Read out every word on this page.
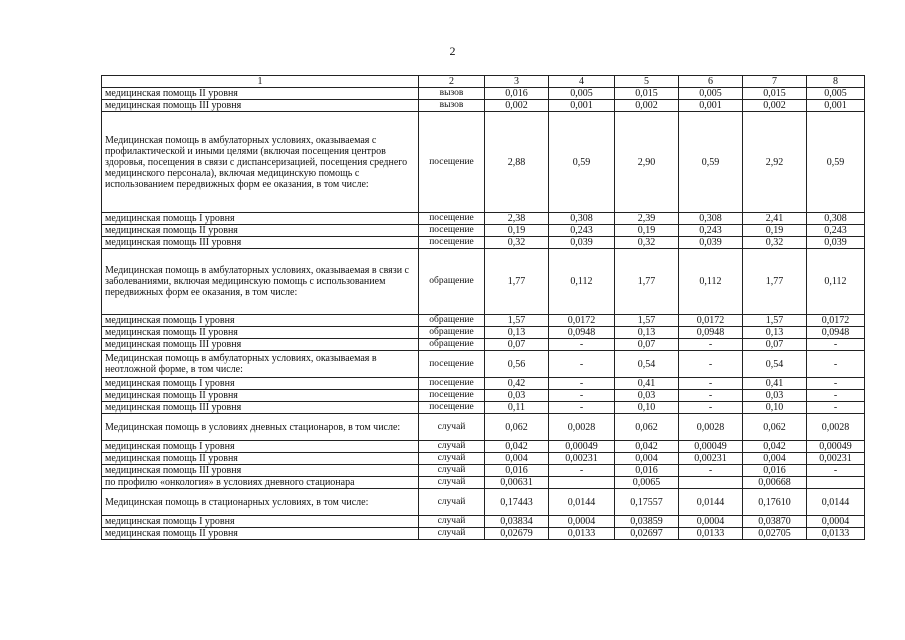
2
1	2	3	4	5	6	7	8
медицинская помощь II уровня	вызов	0,016	0,005	0,015	0,005	0,015	0,005
медицинская помощь III уровня	вызов	0,002	0,001	0,002	0,001	0,002	0,001
Медицинская помощь в амбулаторных условиях, оказываемая с профилактической и иными целями (включая посещения центров здоровья, посещения в связи с диспансеризацией, посещения среднего медицинского персонала), включая медицинскую помощь с использованием передвижных форм ее оказания, в том числе:	посещение	2,88	0,59	2,90	0,59	2,92	0,59
медицинская помощь I уровня	посещение	2,38	0,308	2,39	0,308	2,41	0,308
медицинская помощь II уровня	посещение	0,19	0,243	0,19	0,243	0,19	0,243
медицинская помощь III уровня	посещение	0,32	0,039	0,32	0,039	0,32	0,039
Медицинская помощь в амбулаторных условиях, оказываемая в связи с заболеваниями, включая медицинскую помощь с использованием передвижных форм ее оказания, в том числе:	обращение	1,77	0,112	1,77	0,112	1,77	0,112
медицинская помощь I уровня	обращение	1,57	0,0172	1,57	0,0172	1,57	0,0172
медицинская помощь II уровня	обращение	0,13	0,0948	0,13	0,0948	0,13	0,0948
медицинская помощь III уровня	обращение	0,07	-	0,07	-	0,07	-
Медицинская помощь в амбулаторных условиях, оказываемая в неотложной форме, в том числе:	посещение	0,56	-	0,54	-	0,54	-
медицинская помощь I уровня	посещение	0,42	-	0,41	-	0,41	-
медицинская помощь II уровня	посещение	0,03	-	0,03	-	0,03	-
медицинская помощь III уровня	посещение	0,11	-	0,10	-	0,10	-
Медицинская помощь в условиях дневных стационаров, в том числе:	случай	0,062	0,0028	0,062	0,0028	0,062	0,0028
медицинская помощь I уровня	случай	0,042	0,00049	0,042	0,00049	0,042	0,00049
медицинская помощь II уровня	случай	0,004	0,00231	0,004	0,00231	0,004	0,00231
медицинская помощь III уровня	случай	0,016	-	0,016	-	0,016	-
по профилю «онкология» в условиях дневного стационара	случай	0,00631		0,0065		0,00668	
Медицинская помощь в стационарных условиях, в том числе:	случай	0,17443	0,0144	0,17557	0,0144	0,17610	0,0144
медицинская помощь I уровня	случай	0,03834	0,0004	0,03859	0,0004	0,03870	0,0004
медицинская помощь II уровня	случай	0,02679	0,0133	0,02697	0,0133	0,02705	0,0133
